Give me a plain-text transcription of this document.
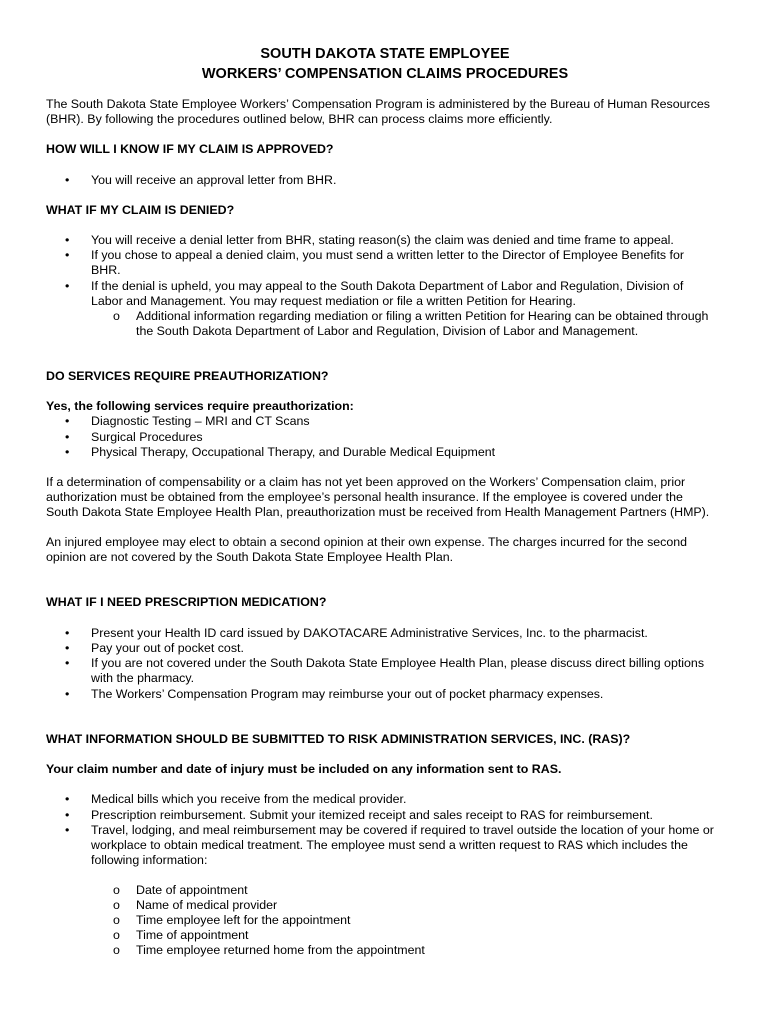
SOUTH DAKOTA STATE EMPLOYEE
WORKERS’ COMPENSATION CLAIMS PROCEDURES
The South Dakota State Employee Workers’ Compensation Program is administered by the Bureau of Human Resources
(BHR). By following the procedures outlined below, BHR can process claims more efficiently.
HOW WILL I KNOW IF MY CLAIM IS APPROVED?
• You will receive an approval letter from BHR.
WHAT IF MY CLAIM IS DENIED?
• You will receive a denial letter from BHR, stating reason(s) the claim was denied and time frame to appeal.
• If you chose to appeal a denied claim, you must send a written letter to the Director of Employee Benefits for
BHR.
• If the denial is upheld, you may appeal to the South Dakota Department of Labor and Regulation, Division of
Labor and Management. You may request mediation or file a written Petition for Hearing.
o Additional information regarding mediation or filing a written Petition for Hearing can be obtained through
the South Dakota Department of Labor and Regulation, Division of Labor and Management.
DO SERVICES REQUIRE PREAUTHORIZATION?
Yes, the following services require preauthorization:
• Diagnostic Testing – MRI and CT Scans
• Surgical Procedures
• Physical Therapy, Occupational Therapy, and Durable Medical Equipment
If a determination of compensability or a claim has not yet been approved on the Workers’ Compensation claim, prior
authorization must be obtained from the employee’s personal health insurance. If the employee is covered under the
South Dakota State Employee Health Plan, preauthorization must be received from Health Management Partners (HMP).
An injured employee may elect to obtain a second opinion at their own expense. The charges incurred for the second
opinion are not covered by the South Dakota State Employee Health Plan.
WHAT IF I NEED PRESCRIPTION MEDICATION?
• Present your Health ID card issued by DAKOTACARE Administrative Services, Inc. to the pharmacist.
• Pay your out of pocket cost.
• If you are not covered under the South Dakota State Employee Health Plan, please discuss direct billing options
with the pharmacy.
• The Workers’ Compensation Program may reimburse your out of pocket pharmacy expenses.
WHAT INFORMATION SHOULD BE SUBMITTED TO RISK ADMINISTRATION SERVICES, INC. (RAS)?
Your claim number and date of injury must be included on any information sent to RAS.
• Medical bills which you receive from the medical provider.
• Prescription reimbursement. Submit your itemized receipt and sales receipt to RAS for reimbursement.
• Travel, lodging, and meal reimbursement may be covered if required to travel outside the location of your home or
workplace to obtain medical treatment. The employee must send a written request to RAS which includes the
following information:
o Date of appointment
o Name of medical provider
o Time employee left for the appointment
o Time of appointment
o Time employee returned home from the appointment
